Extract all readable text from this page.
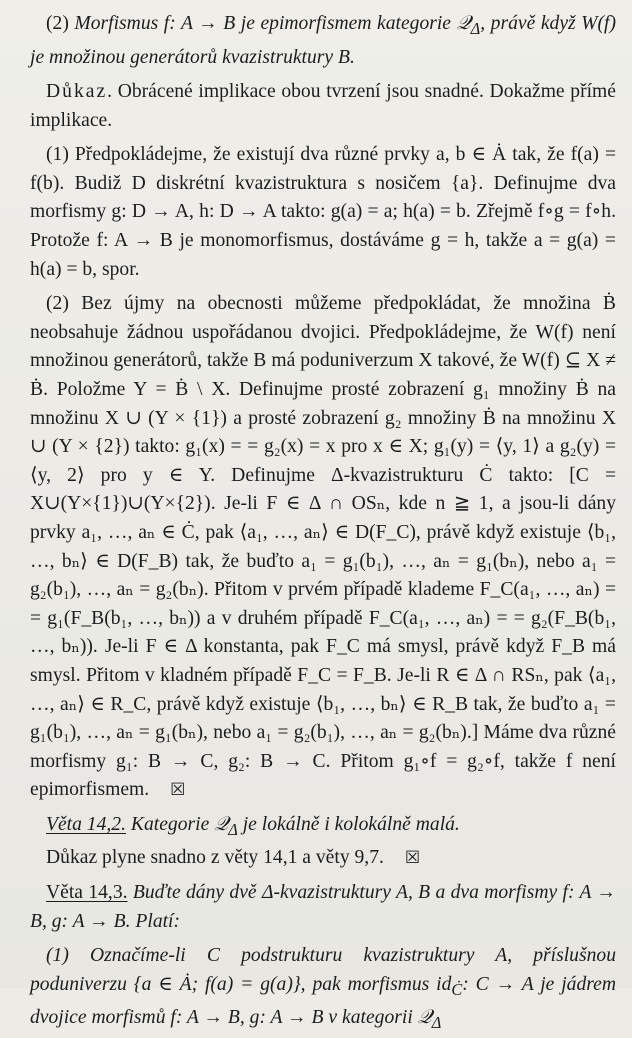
(2) Morfismus f: A → B je epimorfismem kategorie 𝒬$_\Delta$, právě když W(f) je množinou generátorů kvazistruktury B.

Důkaz. Obrácené implikace obou tvrzení jsou snadné. Dokažme přímé implikace.

(1) Předpokládejme, že existují dva různé prvky a, b ∈ Ȧ tak, že f(a) = f(b). Budiž D diskrétní kvazistruktura s nosičem {a}. Definujme dva morfismy g: D → A, h: D → A takto: g(a) = a; h(a) = b. Zřejmě f∘g = f∘h. Protože f: A → B je monomorfismus, dostáváme g = h, takže a = g(a) = h(a) = b, spor.

(2) Bez újmy na obecnosti můžeme předpokládat, že množina Ḃ neobsahuje žádnou uspořádanou dvojici. Předpokládejme, že W(f) není množinou generátorů, takže B má poduniverzum X takové, že W(f) ⊆ X ≠ Ḃ. Položme Y = Ḃ \ X. Definujme prosté zobrazení g₁ množiny Ḃ na množinu X ∪ (Y × {1}) a prosté zobrazení g₂ množiny Ḃ na množinu X ∪ (Y × {2}) takto: g₁(x) = = g₂(x) = x pro x ∈ X; g₁(y) = ⟨y, 1⟩ a g₂(y) = ⟨y, 2⟩ pro y ∈ Y. Definujme Δ-kvazistrukturu Ċ takto: [C = X∪(Y×{1})∪(Y×{2}). Je-li F ∈ Δ ∩ OSₙ, kde n ≧ 1, a jsou-li dány prvky a₁, …, aₙ ∈ Ċ, pak ⟨a₁, …, aₙ⟩ ∈ D(F_C), právě když existuje ⟨b₁, …, bₙ⟩ ∈ D(F_B) tak, že buďto a₁ = g₁(b₁), …, aₙ = g₁(bₙ), nebo a₁ = g₂(b₁), …, aₙ = g₂(bₙ). Přitom v prvém případě klademe F_C(a₁, …, aₙ) = = g₁(F_B(b₁, …, bₙ)) a v druhém případě F_C(a₁, …, aₙ) = = g₂(F_B(b₁, …, bₙ)). Je-li F ∈ Δ konstanta, pak F_C má smysl, právě když F_B má smysl. Přitom v kladném případě F_C = F_B. Je-li R ∈ Δ ∩ RSₙ, pak ⟨a₁, …, aₙ⟩ ∈ R_C, právě když existuje ⟨b₁, …, bₙ⟩ ∈ R_B tak, že buďto a₁ = g₁(b₁), …, aₙ = g₁(bₙ), nebo a₁ = g₂(b₁), …, aₙ = g₂(bₙ).] Máme dva různé morfismy g₁: B → C, g₂: B → C. Přitom g₁∘f = g₂∘f, takže f není epimorfismem. ☒

Věta 14,2. Kategorie 𝒬$_\Delta$ je lokálně i kolokálně malá.

Důkaz plyne snadno z věty 14,1 a věty 9,7. ☒

Věta 14,3. Buďte dány dvě Δ-kvazistruktury A, B a dva morfismy f: A → B, g: A → B. Platí:

(1) Označíme-li C podstrukturu kvazistruktury A, příslušnou poduniverzu {a ∈ Ȧ; f(a) = g(a)}, pak morfismus $id_Ċ$: C → A je jádrem dvojice morfismů f: A → B, g: A → B v kategorii 𝒬$_\Delta$
